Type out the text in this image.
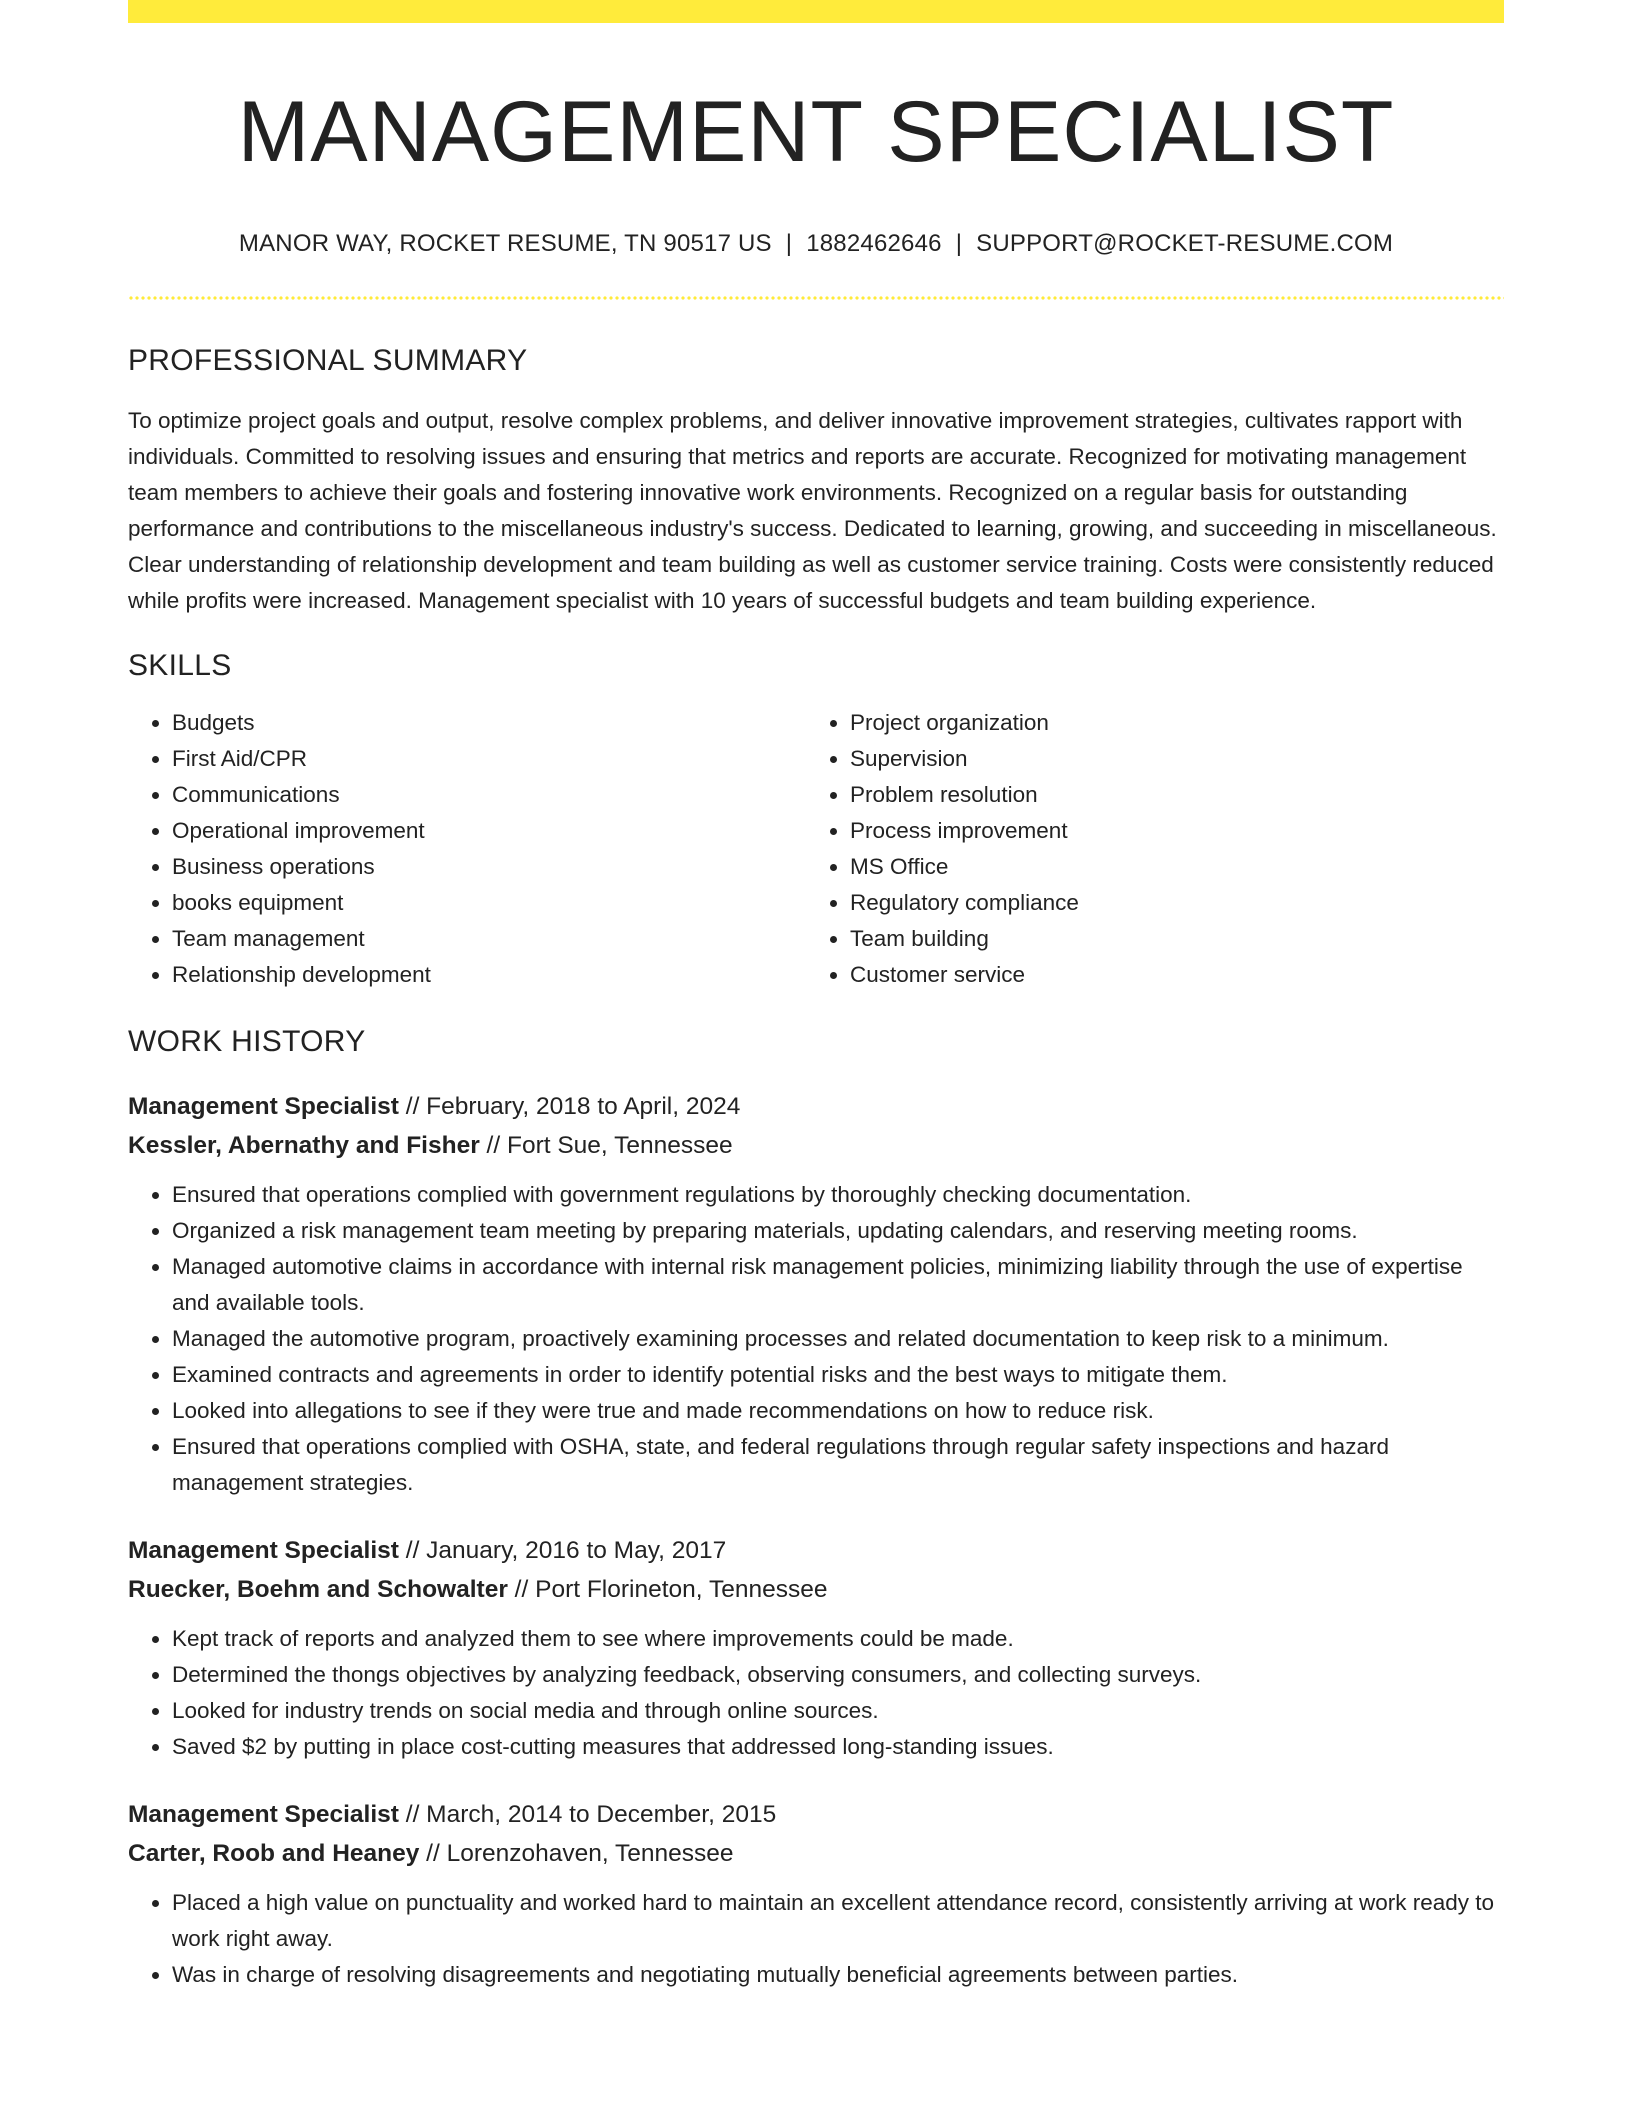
MANAGEMENT SPECIALIST
MANOR WAY, ROCKET RESUME, TN 90517 US | 1882462646 | SUPPORT@ROCKET-RESUME.COM
PROFESSIONAL SUMMARY

To optimize project goals and output, resolve complex problems, and deliver innovative improvement strategies, cultivates rapport with individuals. Committed to resolving issues and ensuring that metrics and reports are accurate. Recognized for motivating management team members to achieve their goals and fostering innovative work environments. Recognized on a regular basis for outstanding performance and contributions to the miscellaneous industry's success. Dedicated to learning, growing, and succeeding in miscellaneous. Clear understanding of relationship development and team building as well as customer service training. Costs were consistently reduced while profits were increased. Management specialist with 10 years of successful budgets and team building experience.

SKILLS
• Budgets
• First Aid/CPR
• Communications
• Operational improvement
• Business operations
• books equipment
• Team management
• Relationship development
• Project organization
• Supervision
• Problem resolution
• Process improvement
• MS Office
• Regulatory compliance
• Team building
• Customer service
WORK HISTORY
Management Specialist // February, 2018 to April, 2024
Kessler, Abernathy and Fisher // Fort Sue, Tennessee
• Ensured that operations complied with government regulations by thoroughly checking documentation.
• Organized a risk management team meeting by preparing materials, updating calendars, and reserving meeting rooms.
• Managed automotive claims in accordance with internal risk management policies, minimizing liability through the use of expertise and available tools.
• Managed the automotive program, proactively examining processes and related documentation to keep risk to a minimum.
• Examined contracts and agreements in order to identify potential risks and the best ways to mitigate them.
• Looked into allegations to see if they were true and made recommendations on how to reduce risk.
• Ensured that operations complied with OSHA, state, and federal regulations through regular safety inspections and hazard management strategies.
Management Specialist // January, 2016 to May, 2017
Ruecker, Boehm and Schowalter // Port Florineton, Tennessee
• Kept track of reports and analyzed them to see where improvements could be made.
• Determined the thongs objectives by analyzing feedback, observing consumers, and collecting surveys.
• Looked for industry trends on social media and through online sources.
• Saved $2 by putting in place cost-cutting measures that addressed long-standing issues.
Management Specialist // March, 2014 to December, 2015
Carter, Roob and Heaney // Lorenzohaven, Tennessee
• Placed a high value on punctuality and worked hard to maintain an excellent attendance record, consistently arriving at work ready to work right away.
• Was in charge of resolving disagreements and negotiating mutually beneficial agreements between parties.
